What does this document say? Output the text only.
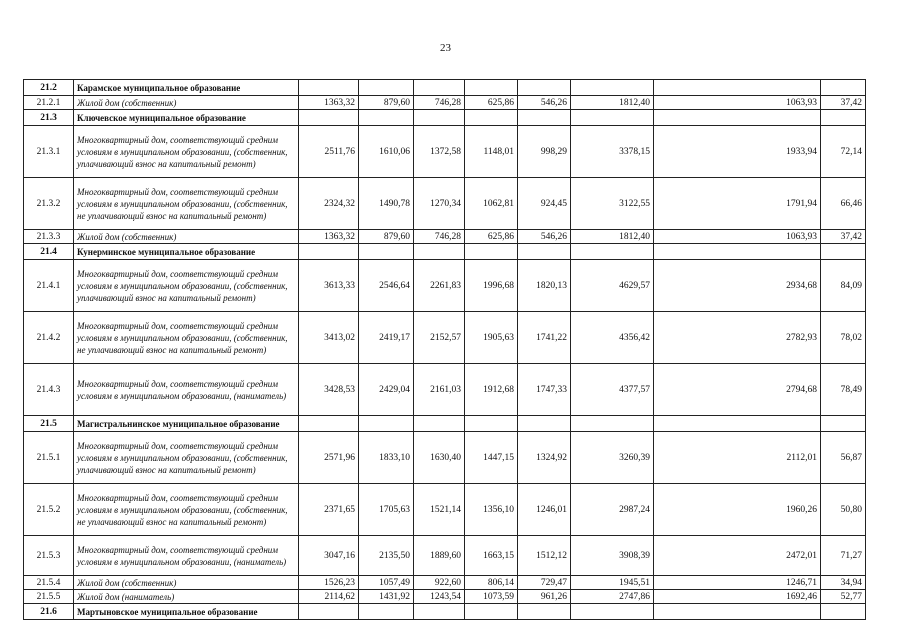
23
21.2	Карамское муниципальное образование								
21.2.1	Жилой дом (собственник)	1363,32	879,60	746,28	625,86	546,26	1812,40	1063,93	37,42
21.3	Ключевское муниципальное образование								
21.3.1	Многоквартирный дом, соответствующий средним условиям в муниципальном образовании, (собственник, уплачивающий взнос на капитальный ремонт)	2511,76	1610,06	1372,58	1148,01	998,29	3378,15	1933,94	72,14
21.3.2	Многоквартирный дом, соответствующий средним условиям в муниципальном образовании, (собственник, не уплачивающий взнос на капитальный ремонт)	2324,32	1490,78	1270,34	1062,81	924,45	3122,55	1791,94	66,46
21.3.3	Жилой дом (собственник)	1363,32	879,60	746,28	625,86	546,26	1812,40	1063,93	37,42
21.4	Кунерминское муниципальное образование								
21.4.1	Многоквартирный дом, соответствующий средним условиям в муниципальном образовании, (собственник, уплачивающий взнос на капитальный ремонт)	3613,33	2546,64	2261,83	1996,68	1820,13	4629,57	2934,68	84,09
21.4.2	Многоквартирный дом, соответствующий средним условиям в муниципальном образовании, (собственник, не уплачивающий взнос на капитальный ремонт)	3413,02	2419,17	2152,57	1905,63	1741,22	4356,42	2782,93	78,02
21.4.3	Многоквартирный дом, соответствующий средним условиям в муниципальном образовании, (наниматель)	3428,53	2429,04	2161,03	1912,68	1747,33	4377,57	2794,68	78,49
21.5	Магистральнинское муниципальное образование								
21.5.1	Многоквартирный дом, соответствующий средним условиям в муниципальном образовании, (собственник, уплачивающий взнос на капитальный ремонт)	2571,96	1833,10	1630,40	1447,15	1324,92	3260,39	2112,01	56,87
21.5.2	Многоквартирный дом, соответствующий средним условиям в муниципальном образовании, (собственник, не уплачивающий взнос на капитальный ремонт)	2371,65	1705,63	1521,14	1356,10	1246,01	2987,24	1960,26	50,80
21.5.3	Многоквартирный дом, соответствующий средним условиям в муниципальном образовании, (наниматель)	3047,16	2135,50	1889,60	1663,15	1512,12	3908,39	2472,01	71,27
21.5.4	Жилой дом (собственник)	1526,23	1057,49	922,60	806,14	729,47	1945,51	1246,71	34,94
21.5.5	Жилой дом (наниматель)	2114,62	1431,92	1243,54	1073,59	961,26	2747,86	1692,46	52,77
21.6	Мартыновское муниципальное образование								
